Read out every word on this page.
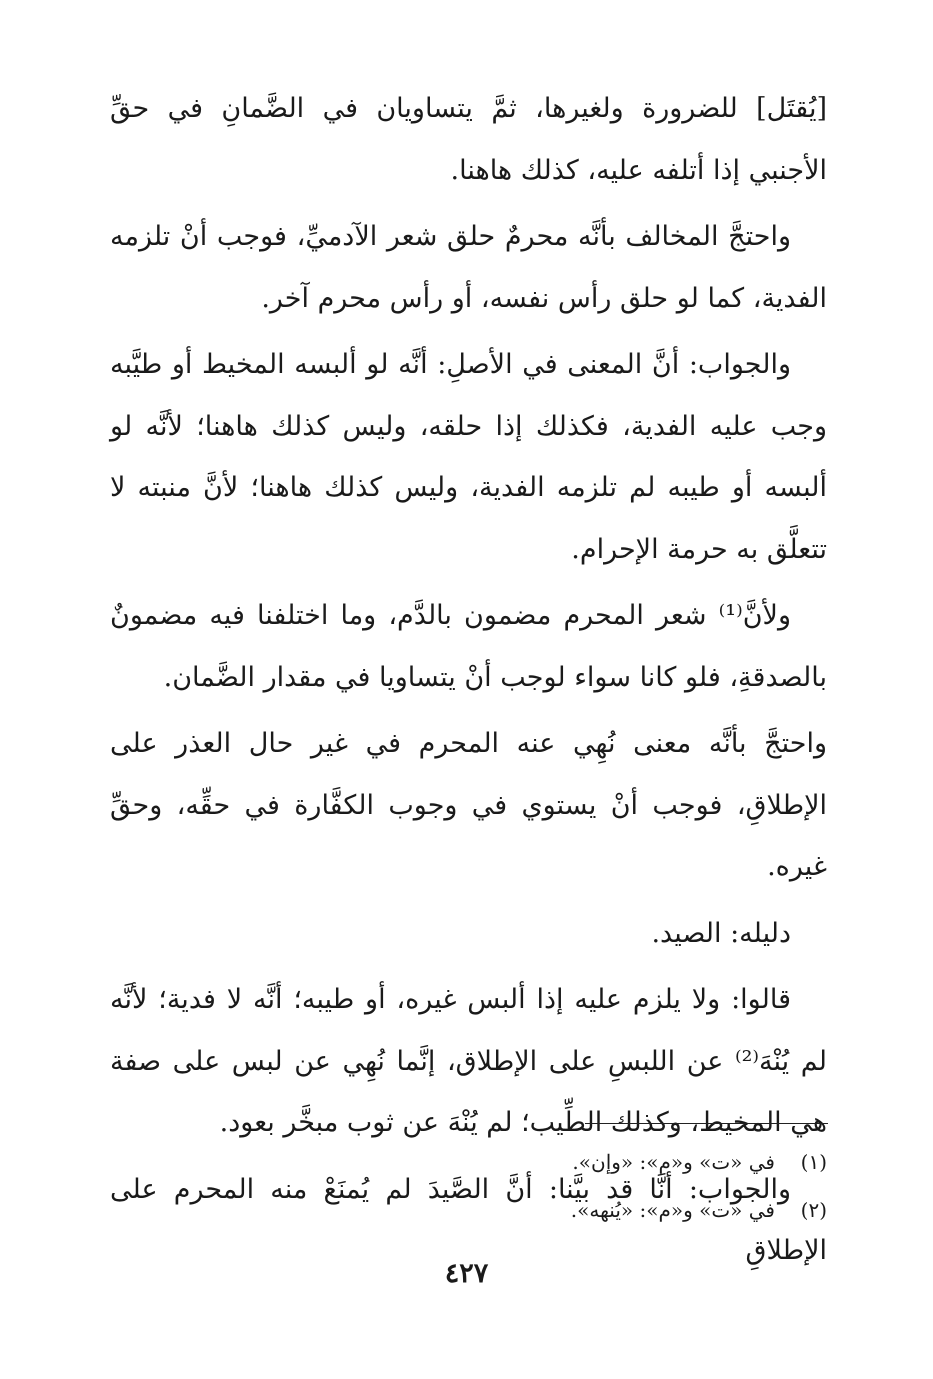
[يُقتَل] للضرورة ولغيرها، ثمَّ يتساويان في الضَّمانِ في حقِّ الأجنبي إذا أتلفه عليه، كذلك هاهنا.

واحتجَّ المخالف بأنَّه محرمٌ حلق شعر الآدميِّ، فوجب أنْ تلزمه الفدية، كما لو حلق رأس نفسه، أو رأس محرم آخر.

والجواب: أنَّ المعنى في الأصلِ: أنَّه لو ألبسه المخيط أو طيَّبه وجب عليه الفدية، فكذلك إذا حلقه، وليس كذلك هاهنا؛ لأنَّه لو ألبسه أو طيبه لم تلزمه الفدية، وليس كذلك هاهنا؛ لأنَّ منبته لا تتعلَّق به حرمة الإحرام.

ولأنَّ⁽¹⁾ شعر المحرم مضمون بالدَّم، وما اختلفنا فيه مضمونٌ بالصدقةِ، فلو كانا سواء لوجب أنْ يتساويا في مقدار الضَّمان.

واحتجَّ بأنَّه معنى نُهِي عنه المحرم في غير حال العذر على الإطلاقِ، فوجب أنْ يستوي في وجوب الكفَّارة في حقِّه، وحقِّ غيره.

دليله: الصيد.

قالوا: ولا يلزم عليه إذا ألبس غيره، أو طيبه؛ أنَّه لا فدية؛ لأنَّه لم يُنْهَ⁽²⁾ عن اللبسِ على الإطلاق، إنَّما نُهِي عن لبس على صفة هي المخيط، وكذلك الطِّيب؛ لم يُنْهَ عن ثوب مبخَّر بعود.

والجواب: أنَّا قد بيَّنا: أنَّ الصَّيدَ لم يُمنَعْ منه المحرم على الإطلاقِ

(١)
في «ت» و«م»: «وإن».
(٢)
في «ت» و«م»: «يُنهه».
٤٢٧
